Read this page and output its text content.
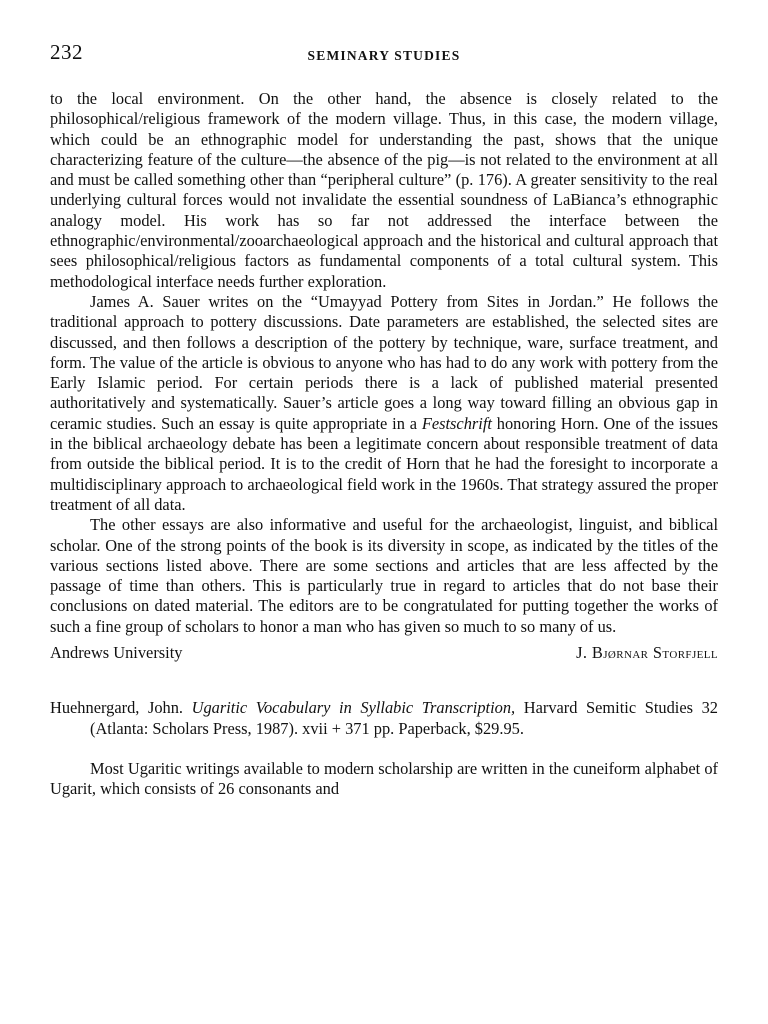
232	SEMINARY STUDIES

to the local environment. On the other hand, the absence is closely related to the philosophical/religious framework of the modern village. Thus, in this case, the modern village, which could be an ethnographic model for understanding the past, shows that the unique characterizing feature of the culture—the absence of the pig—is not related to the environment at all and must be called something other than “peripheral culture” (p. 176). A greater sensitivity to the real underlying cultural forces would not invalidate the essential soundness of LaBianca’s ethnographic analogy model. His work has so far not addressed the interface between the ethnographic/environmental/zooarchaeological approach and the historical and cultural approach that sees philosophical/religious factors as fundamental components of a total cultural system. This methodological interface needs further exploration.

James A. Sauer writes on the “Umayyad Pottery from Sites in Jordan.” He follows the traditional approach to pottery discussions. Date parameters are established, the selected sites are discussed, and then follows a description of the pottery by technique, ware, surface treatment, and form. The value of the article is obvious to anyone who has had to do any work with pottery from the Early Islamic period. For certain periods there is a lack of published material presented authoritatively and systematically. Sauer’s article goes a long way toward filling an obvious gap in ceramic studies. Such an essay is quite appropriate in a Festschrift honoring Horn. One of the issues in the biblical archaeology debate has been a legitimate concern about responsible treatment of data from outside the biblical period. It is to the credit of Horn that he had the foresight to incorporate a multidisciplinary approach to archaeological field work in the 1960s. That strategy assured the proper treatment of all data.

The other essays are also informative and useful for the archaeologist, linguist, and biblical scholar. One of the strong points of the book is its diversity in scope, as indicated by the titles of the various sections listed above. There are some sections and articles that are less affected by the passage of time than others. This is particularly true in regard to articles that do not base their conclusions on dated material. The editors are to be congratulated for putting together the works of such a fine group of scholars to honor a man who has given so much to so many of us.

Andrews University	J. Bjørnar Storfjell

Huehnergard, John. Ugaritic Vocabulary in Syllabic Transcription, Harvard Semitic Studies 32 (Atlanta: Scholars Press, 1987). xvii + 371 pp. Paperback, $29.95.

Most Ugaritic writings available to modern scholarship are written in the cuneiform alphabet of Ugarit, which consists of 26 consonants and
